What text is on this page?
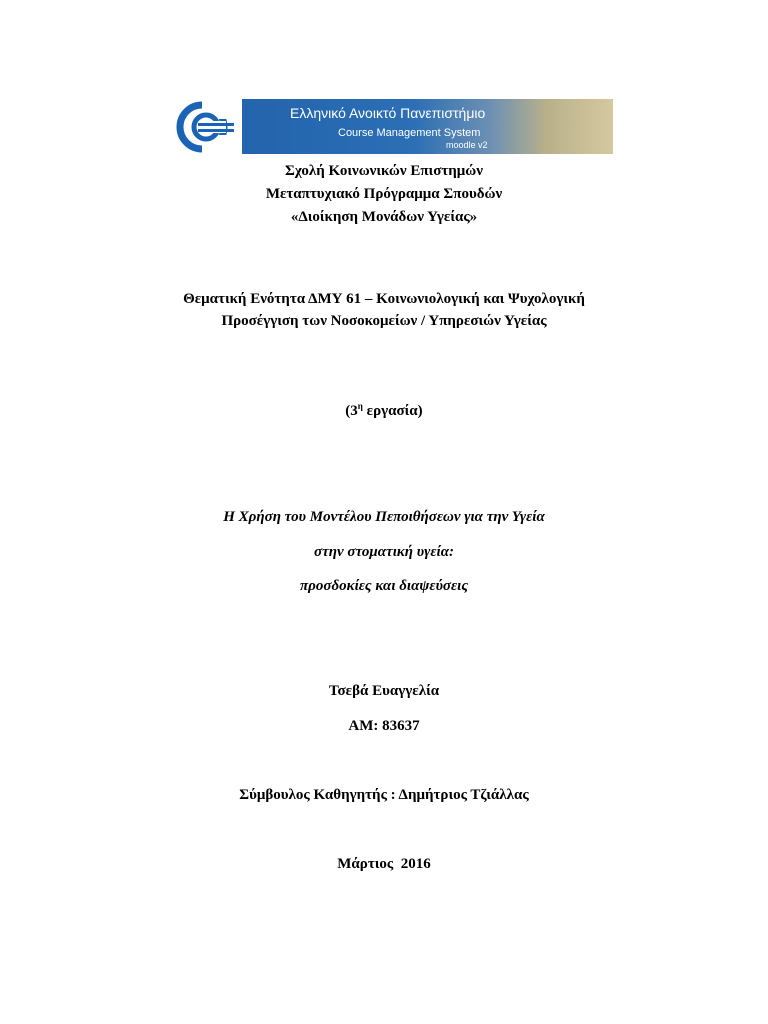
Ελληνικό Ανοικτό Πανεπιστήμιο
Course Management System
moodle v2
Σχολή Κοινωνικών Επιστημών
Μεταπτυχιακό Πρόγραμμα Σπουδών
«Διοίκηση Μονάδων Υγείας»
Θεματική Ενότητα ΔΜΥ 61 – Κοινωνιολογική και Ψυχολογική
Προσέγγιση των Νοσοκομείων / Υπηρεσιών Υγείας
($3^\eta$ εργασία)
Η Χρήση του Μοντέλου Πεποιθήσεων για την Υγεία
στην στοματική υγεία:
προσδοκίες και διαψεύσεις
Τσεβά Ευαγγελία
ΑΜ: 83637
Σύμβουλος Καθηγητής : Δημήτριος Τζιάλλας
Μάρτιος  2016
